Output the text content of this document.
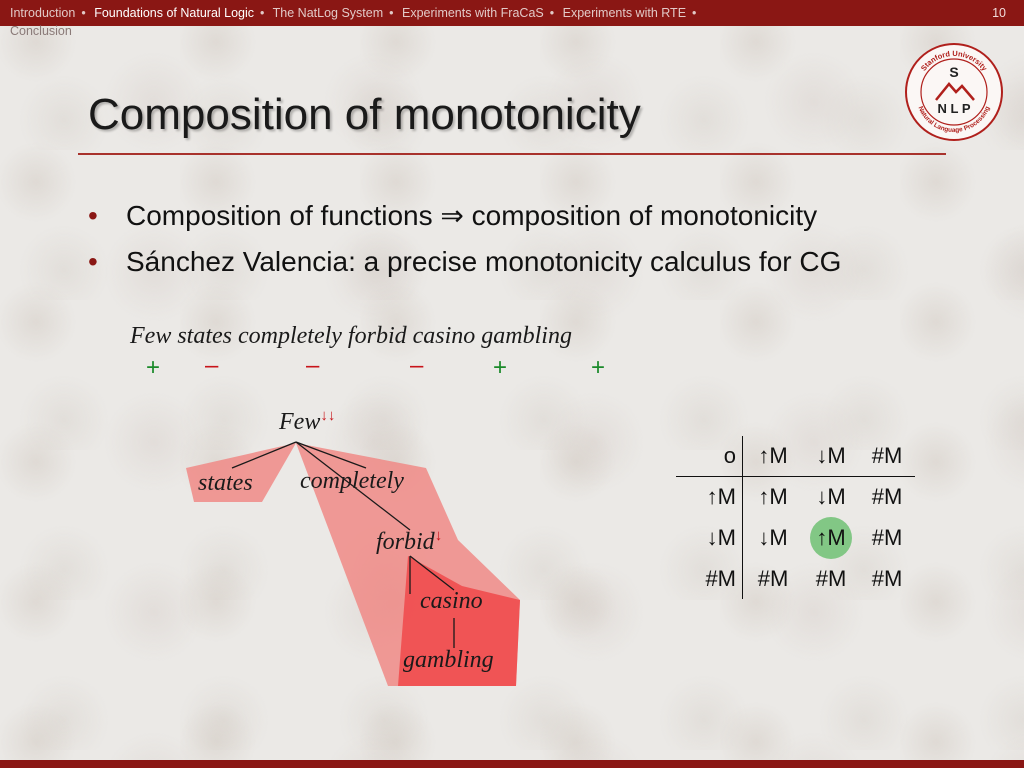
Introduction • Foundations of Natural Logic • The NatLog System • Experiments with FraCaS • Experiments with RTE •	10
Conclusion
Stanford University
Natural Language Processing
S
N L P
Composition of monotonicity
• Composition of functions ⇒ composition of monotonicity
• Sánchez Valencia: a precise monotonicity calculus for CG
Few states completely forbid casino gambling
+ –	–	–	+	+
Few↓↓
states completely
forbid↓
casino
gambling
o	↑M	↓M	#M
↑M	↑M	↓M	#M
↓M	↓M	↑M	#M
#M	#M	#M	#M
